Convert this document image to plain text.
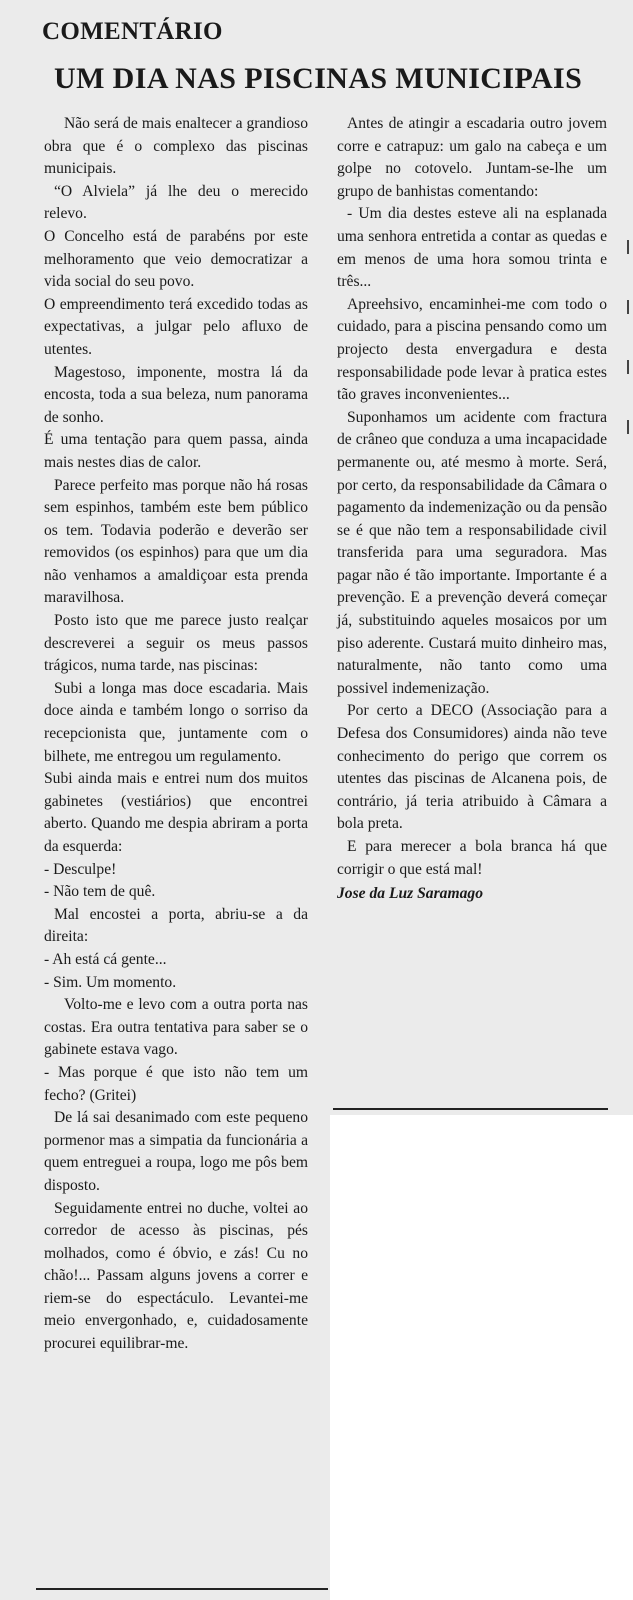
COMENTÁRIO
UM DIA NAS PISCINAS MUNICIPAIS

Não será de mais enaltecer a grandioso obra que é o complexo das piscinas municipais.

“O Alviela” já lhe deu o merecido relevo.

O Concelho está de parabéns por este melhoramento que veio democratizar a vida social do seu povo.

O empreendimento terá excedido todas as expectativas, a julgar pelo afluxo de utentes.

Magestoso, imponente, mostra lá da encosta, toda a sua beleza, num panorama de sonho.

É uma tentação para quem passa, ainda mais nestes dias de calor.

Parece perfeito mas porque não há rosas sem espinhos, também este bem público os tem. Todavia poderão e deverão ser removidos (os espinhos) para que um dia não venhamos a amaldiçoar esta prenda maravilhosa.

Posto isto que me parece justo realçar descreverei a seguir os meus passos trágicos, numa tarde, nas piscinas:

Subi a longa mas doce escadaria. Mais doce ainda e também longo o sorriso da recepcionista que, juntamente com o bilhete, me entregou um regulamento.

Subi ainda mais e entrei num dos muitos gabinetes (vestiários) que encontrei aberto. Quando me despia abriram a porta da esquerda:

- Desculpe!

- Não tem de quê.

Mal encostei a porta, abriu-se a da direita:

- Ah está cá gente...

- Sim. Um momento.

Volto-me e levo com a outra porta nas costas. Era outra tentativa para saber se o gabinete estava vago.

- Mas porque é que isto não tem um fecho? (Gritei)

De lá sai desanimado com este pequeno pormenor mas a simpatia da funcionária a quem entreguei a roupa, logo me pôs bem disposto.

Seguidamente entrei no duche, voltei ao corredor de acesso às piscinas, pés molhados, como é óbvio, e zás! Cu no chão!... Passam alguns jovens a correr e riem-se do espectáculo. Levantei-me meio envergonhado, e, cuidadosamente procurei equilibrar-me.

Antes de atingir a escadaria outro jovem corre e catrapuz: um galo na cabeça e um golpe no cotovelo. Juntam-se-lhe um grupo de banhistas comentando:

- Um dia destes esteve ali na esplanada uma senhora entretida a contar as quedas e em menos de uma hora somou trinta e três...

Apreehsivo, encaminhei-me com todo o cuidado, para a piscina pensando como um projecto desta envergadura e desta responsabilidade pode levar à pratica estes tão graves inconvenientes...

Suponhamos um acidente com fractura de crâneo que conduza a uma incapacidade permanente ou, até mesmo à morte. Será, por certo, da responsabilidade da Câmara o pagamento da indemenização ou da pensão se é que não tem a responsabilidade civil transferida para uma seguradora. Mas pagar não é tão importante. Importante é a prevenção. E a prevenção deverá começar já, substituindo aqueles mosaicos por um piso aderente. Custará muito dinheiro mas, naturalmente, não tanto como uma possivel indemenização.

Por certo a DECO (Associação para a Defesa dos Consumidores) ainda não teve conhecimento do perigo que correm os utentes das piscinas de Alcanena pois, de contrário, já teria atribuido à Câmara a bola preta.

E para merecer a bola branca há que corrigir o que está mal!

Jose da Luz Saramago
